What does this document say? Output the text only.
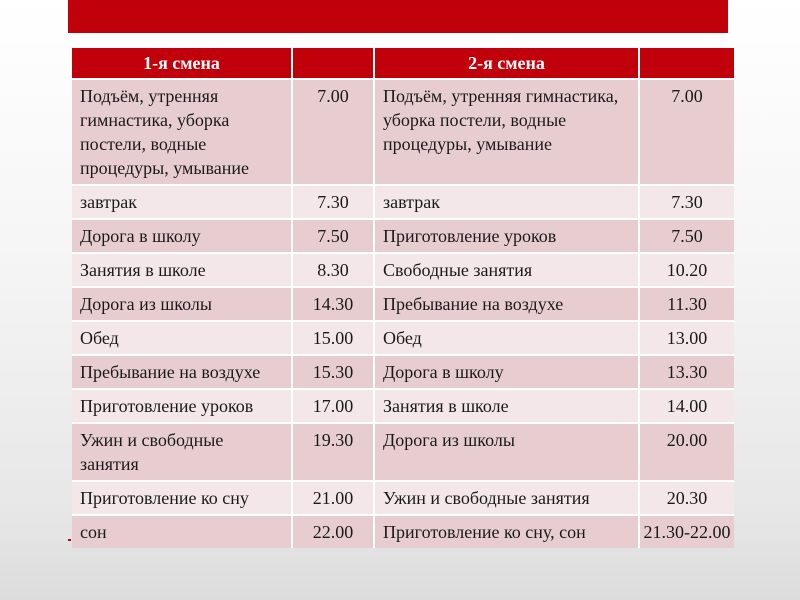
1-я смена		2-я смена	
Подъём, утренняя гимнастика, уборка постели, водные процедуры, умывание	7.00	Подъём, утренняя гимнастика, уборка постели, водные процедуры, умывание	7.00
завтрак	7.30	завтрак	7.30
Дорога в школу	7.50	Приготовление уроков	7.50
Занятия в школе	8.30	Свободные занятия	10.20
Дорога из школы	14.30	Пребывание на воздухе	11.30
Обед	15.00	Обед	13.00
Пребывание на воздухе	15.30	Дорога в школу	13.30
Приготовление уроков	17.00	Занятия в школе	14.00
Ужин и свободные занятия	19.30	Дорога из школы	20.00
Приготовление ко сну	21.00	Ужин и свободные занятия	20.30
сон	22.00	Приготовление ко сну, сон	21.30-22.00
